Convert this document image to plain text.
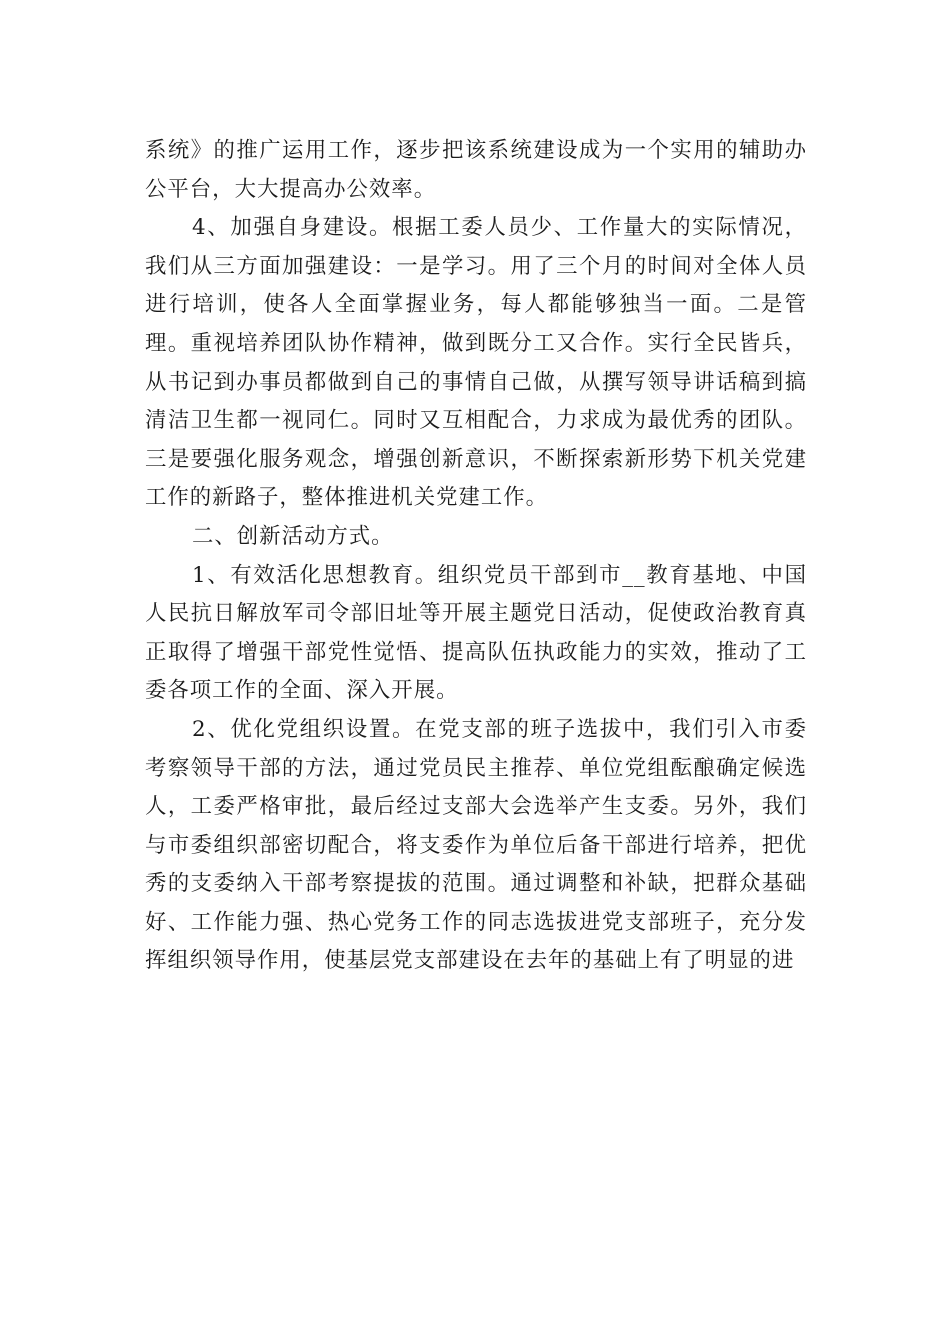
系统》的推广运用工作，逐步把该系统建设成为一个实用的辅助办公平台，大大提高办公效率。

4、加强自身建设。根据工委人员少、工作量大的实际情况，我们从三方面加强建设：一是学习。用了三个月的时间对全体人员进行培训，使各人全面掌握业务，每人都能够独当一面。二是管理。重视培养团队协作精神，做到既分工又合作。实行全民皆兵，从书记到办事员都做到自己的事情自己做，从撰写领导讲话稿到搞清洁卫生都一视同仁。同时又互相配合，力求成为最优秀的团队。三是要强化服务观念，增强创新意识，不断探索新形势下机关党建工作的新路子，整体推进机关党建工作。

二、创新活动方式。

1、有效活化思想教育。组织党员干部到市__教育基地、中国人民抗日解放军司令部旧址等开展主题党日活动，促使政治教育真正取得了增强干部党性觉悟、提高队伍执政能力的实效，推动了工委各项工作的全面、深入开展。

2、优化党组织设置。在党支部的班子选拔中，我们引入市委考察领导干部的方法，通过党员民主推荐、单位党组酝酿确定候选人，工委严格审批，最后经过支部大会选举产生支委。另外，我们与市委组织部密切配合，将支委作为单位后备干部进行培养，把优秀的支委纳入干部考察提拔的范围。通过调整和补缺，把群众基础好、工作能力强、热心党务工作的同志选拔进党支部班子，充分发挥组织领导作用，使基层党支部建设在去年的基础上有了明显的进
